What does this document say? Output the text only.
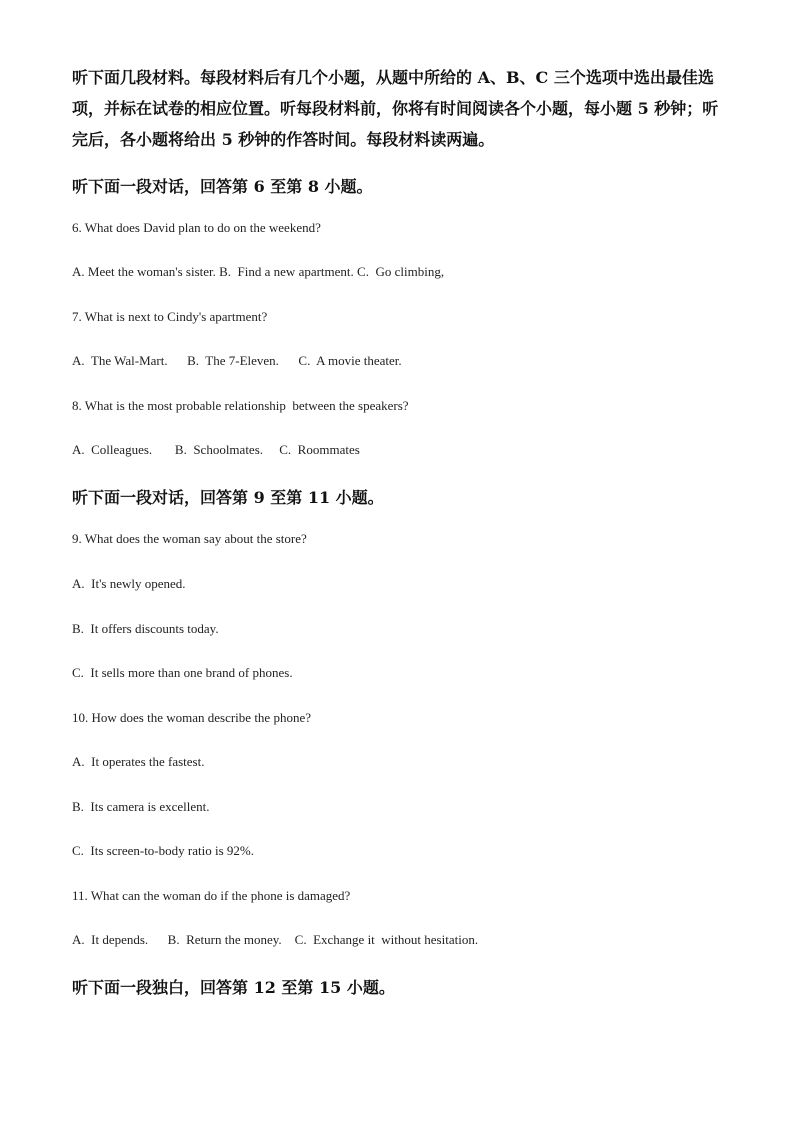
听下面几段材料。每段材料后有几个小题，从题中所给的 A、B、C 三个选项中选出最佳选项，并标在试卷的相应位置。听每段材料前，你将有时间阅读各个小题，每小题 5 秒钟；听完后，各小题将给出 5 秒钟的作答时间。每段材料读两遍。
听下面一段对话，回答第 6 至第 8 小题。
6. What does David plan to do on the weekend?
A. Meet the woman's sister. B.  Find a new apartment. C.  Go climbing,
7. What is next to Cindy's apartment?
A.  The Wal-Mart.      B.  The 7-Eleven.      C.  A movie theater.
8. What is the most probable relationship  between the speakers?
A.  Colleagues.       B.  Schoolmates.     C.  Roommates
听下面一段对话，回答第 9 至第 11 小题。
9. What does the woman say about the store?
A.  It's newly opened.
B.  It offers discounts today.
C.  It sells more than one brand of phones.
10. How does the woman describe the phone?
A.  It operates the fastest.
B.  Its camera is excellent.
C.  Its screen-to-body ratio is 92%.
11. What can the woman do if the phone is damaged?
A.  It depends.      B.  Return the money.    C.  Exchange it  without hesitation.
听下面一段独白，回答第 12 至第 15 小题。
